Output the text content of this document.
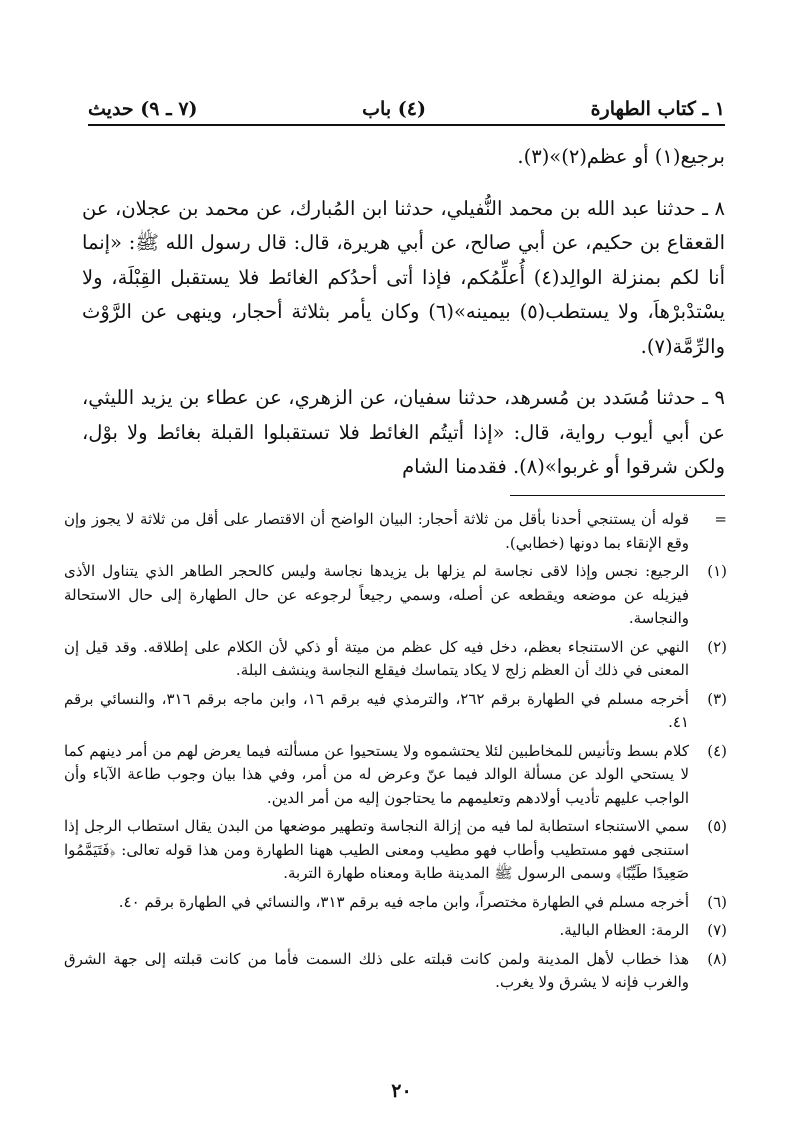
١ ـ كتاب الطهارة
(٤) باب
(٧ ـ ٩) حديث

برجيع(١) أو عظم(٢)»(٣).

٨ ـ حدثنا عبد الله بن محمد النُّفيلي، حدثنا ابن المُبارك، عن محمد بن عجلان، عن القعقاع بن حكيم، عن أبي صالح، عن أبي هريرة، قال: قال رسول الله ﷺ: «إنما أنا لكم بمنزلة الوالِد(٤) أُعلِّمُكم، فإذا أتى أحدُكم الغائط فلا يستقبل القِبْلَة، ولا يسْتدْبرْهاَ، ولا يستطب(٥) بيمينه»(٦) وكان يأمر بثلاثة أحجار، وينهى عن الرَّوْث والرِّمَّة(٧).

٩ ـ حدثنا مُسَدد بن مُسرهد، حدثنا سفيان، عن الزهري، عن عطاء بن يزيد الليثي، عن أبي أيوب رواية، قال: «إذا أتيتُم الغائط فلا تستقبلوا القبلة بغائط ولا بوْل، ولكن شرقوا أو غربوا»(٨). فقدمنا الشام

=
قوله أن يستنجي أحدنا بأقل من ثلاثة أحجار: البيان الواضح أن الاقتصار على أقل من ثلاثة لا يجوز وإن وقع الإنقاء بما دونها (خطابي).
(١)
الرجيع: نجس وإذا لاقى نجاسة لم يزلها بل يزيدها نجاسة وليس كالحجر الطاهر الذي يتناول الأذى فيزيله عن موضعه ويقطعه عن أصله، وسمي رجيعاً لرجوعه عن حال الطهارة إلى حال الاستحالة والنجاسة.
(٢)
النهي عن الاستنجاء بعظم، دخل فيه كل عظم من ميتة أو ذكي لأن الكلام على إطلاقه. وقد قيل إن المعنى في ذلك أن العظم زلج لا يكاد يتماسك فيقلع النجاسة وينشف البلة.
(٣)
أخرجه مسلم في الطهارة برقم ٢٦٢، والترمذي فيه برقم ١٦، وابن ماجه برقم ٣١٦، والنسائي برقم ٤١.
(٤)
كلام بسط وتأنيس للمخاطبين لئلا يحتشموه ولا يستحيوا عن مسألته فيما يعرض لهم من أمر دينهم كما لا يستحي الولد عن مسألة الوالد فيما عنّ وعرض له من أمر، وفي هذا بيان وجوب طاعة الآباء وأن الواجب عليهم تأديب أولادهم وتعليمهم ما يحتاجون إليه من أمر الدين.
(٥)
سمي الاستنجاء استطابة لما فيه من إزالة النجاسة وتطهير موضعها من البدن يقال استطاب الرجل إذا استنجى فهو مستطيب وأطاب فهو مطيب ومعنى الطيب ههنا الطهارة ومن هذا قوله تعالى: ﴿فَتَيَمَّمُوا صَعِيدًا طَيِّبًا﴾ وسمى الرسول ﷺ المدينة طابة ومعناه طهارة التربة.
(٦)
أخرجه مسلم في الطهارة مختصراً، وابن ماجه فيه برقم ٣١٣، والنسائي في الطهارة برقم ٤٠.
(٧)
الرمة: العظام البالية.
(٨)
هذا خطاب لأهل المدينة ولمن كانت قبلته على ذلك السمت فأما من كانت قبلته إلى جهة الشرق والغرب فإنه لا يشرق ولا يغرب.
٢٠
